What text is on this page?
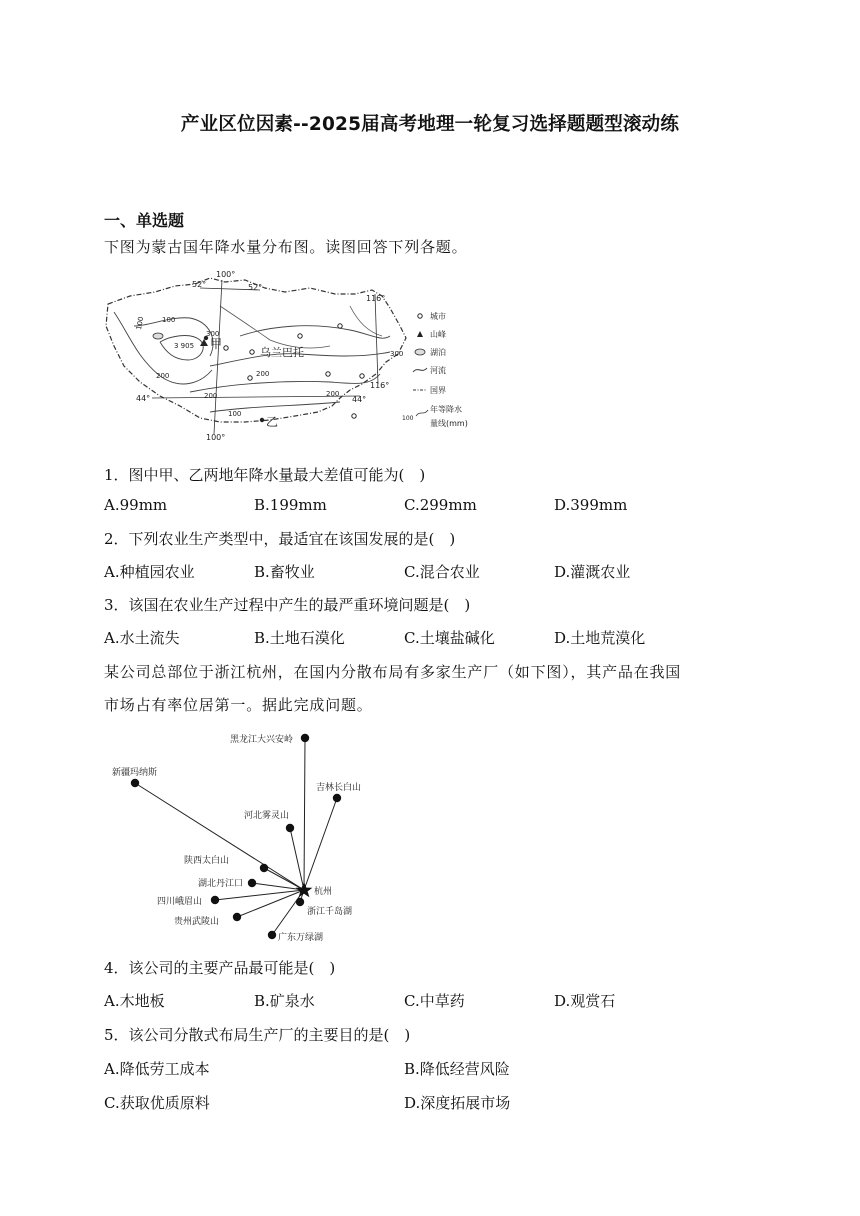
产业区位因素--2025届高考地理一轮复习选择题题型滚动练
一、单选题
下图为蒙古国年降水量分布图。读图回答下列各题。
100°
52°	52°
116°
116°
44°	44°
100°
100
300
200	200
200	200
300
100
100
3 905 甲
乙
乌兰巴托
城市
山峰
湖泊
河流
国界
100
年等降水
量线(mm)
1．图中甲、乙两地年降水量最大差值可能为(　)
A.99mm	B.199mm	C.299mm	D.399mm
2．下列农业生产类型中，最适宜在该国发展的是(　)
A.种植园农业	B.畜牧业	C.混合农业	D.灌溉农业
3．该国在农业生产过程中产生的最严重环境问题是(　)
A.水土流失	B.土地石漠化	C.土壤盐碱化	D.土地荒漠化
某公司总部位于浙江杭州，在国内分散布局有多家生产厂（如下图），其产品在我国
市场占有率位居第一。据此完成问题。
杭州
黑龙江大兴安岭
新疆玛纳斯
吉林长白山
河北雾灵山
陕西太白山
湖北丹江口
四川峨眉山
贵州武陵山
广东万绿湖
浙江千岛湖
4．该公司的主要产品最可能是(　)
A.木地板	B.矿泉水	C.中草药	D.观赏石
5．该公司分散式布局生产厂的主要目的是(　)
A.降低劳工成本	B.降低经营风险
C.获取优质原料	D.深度拓展市场
